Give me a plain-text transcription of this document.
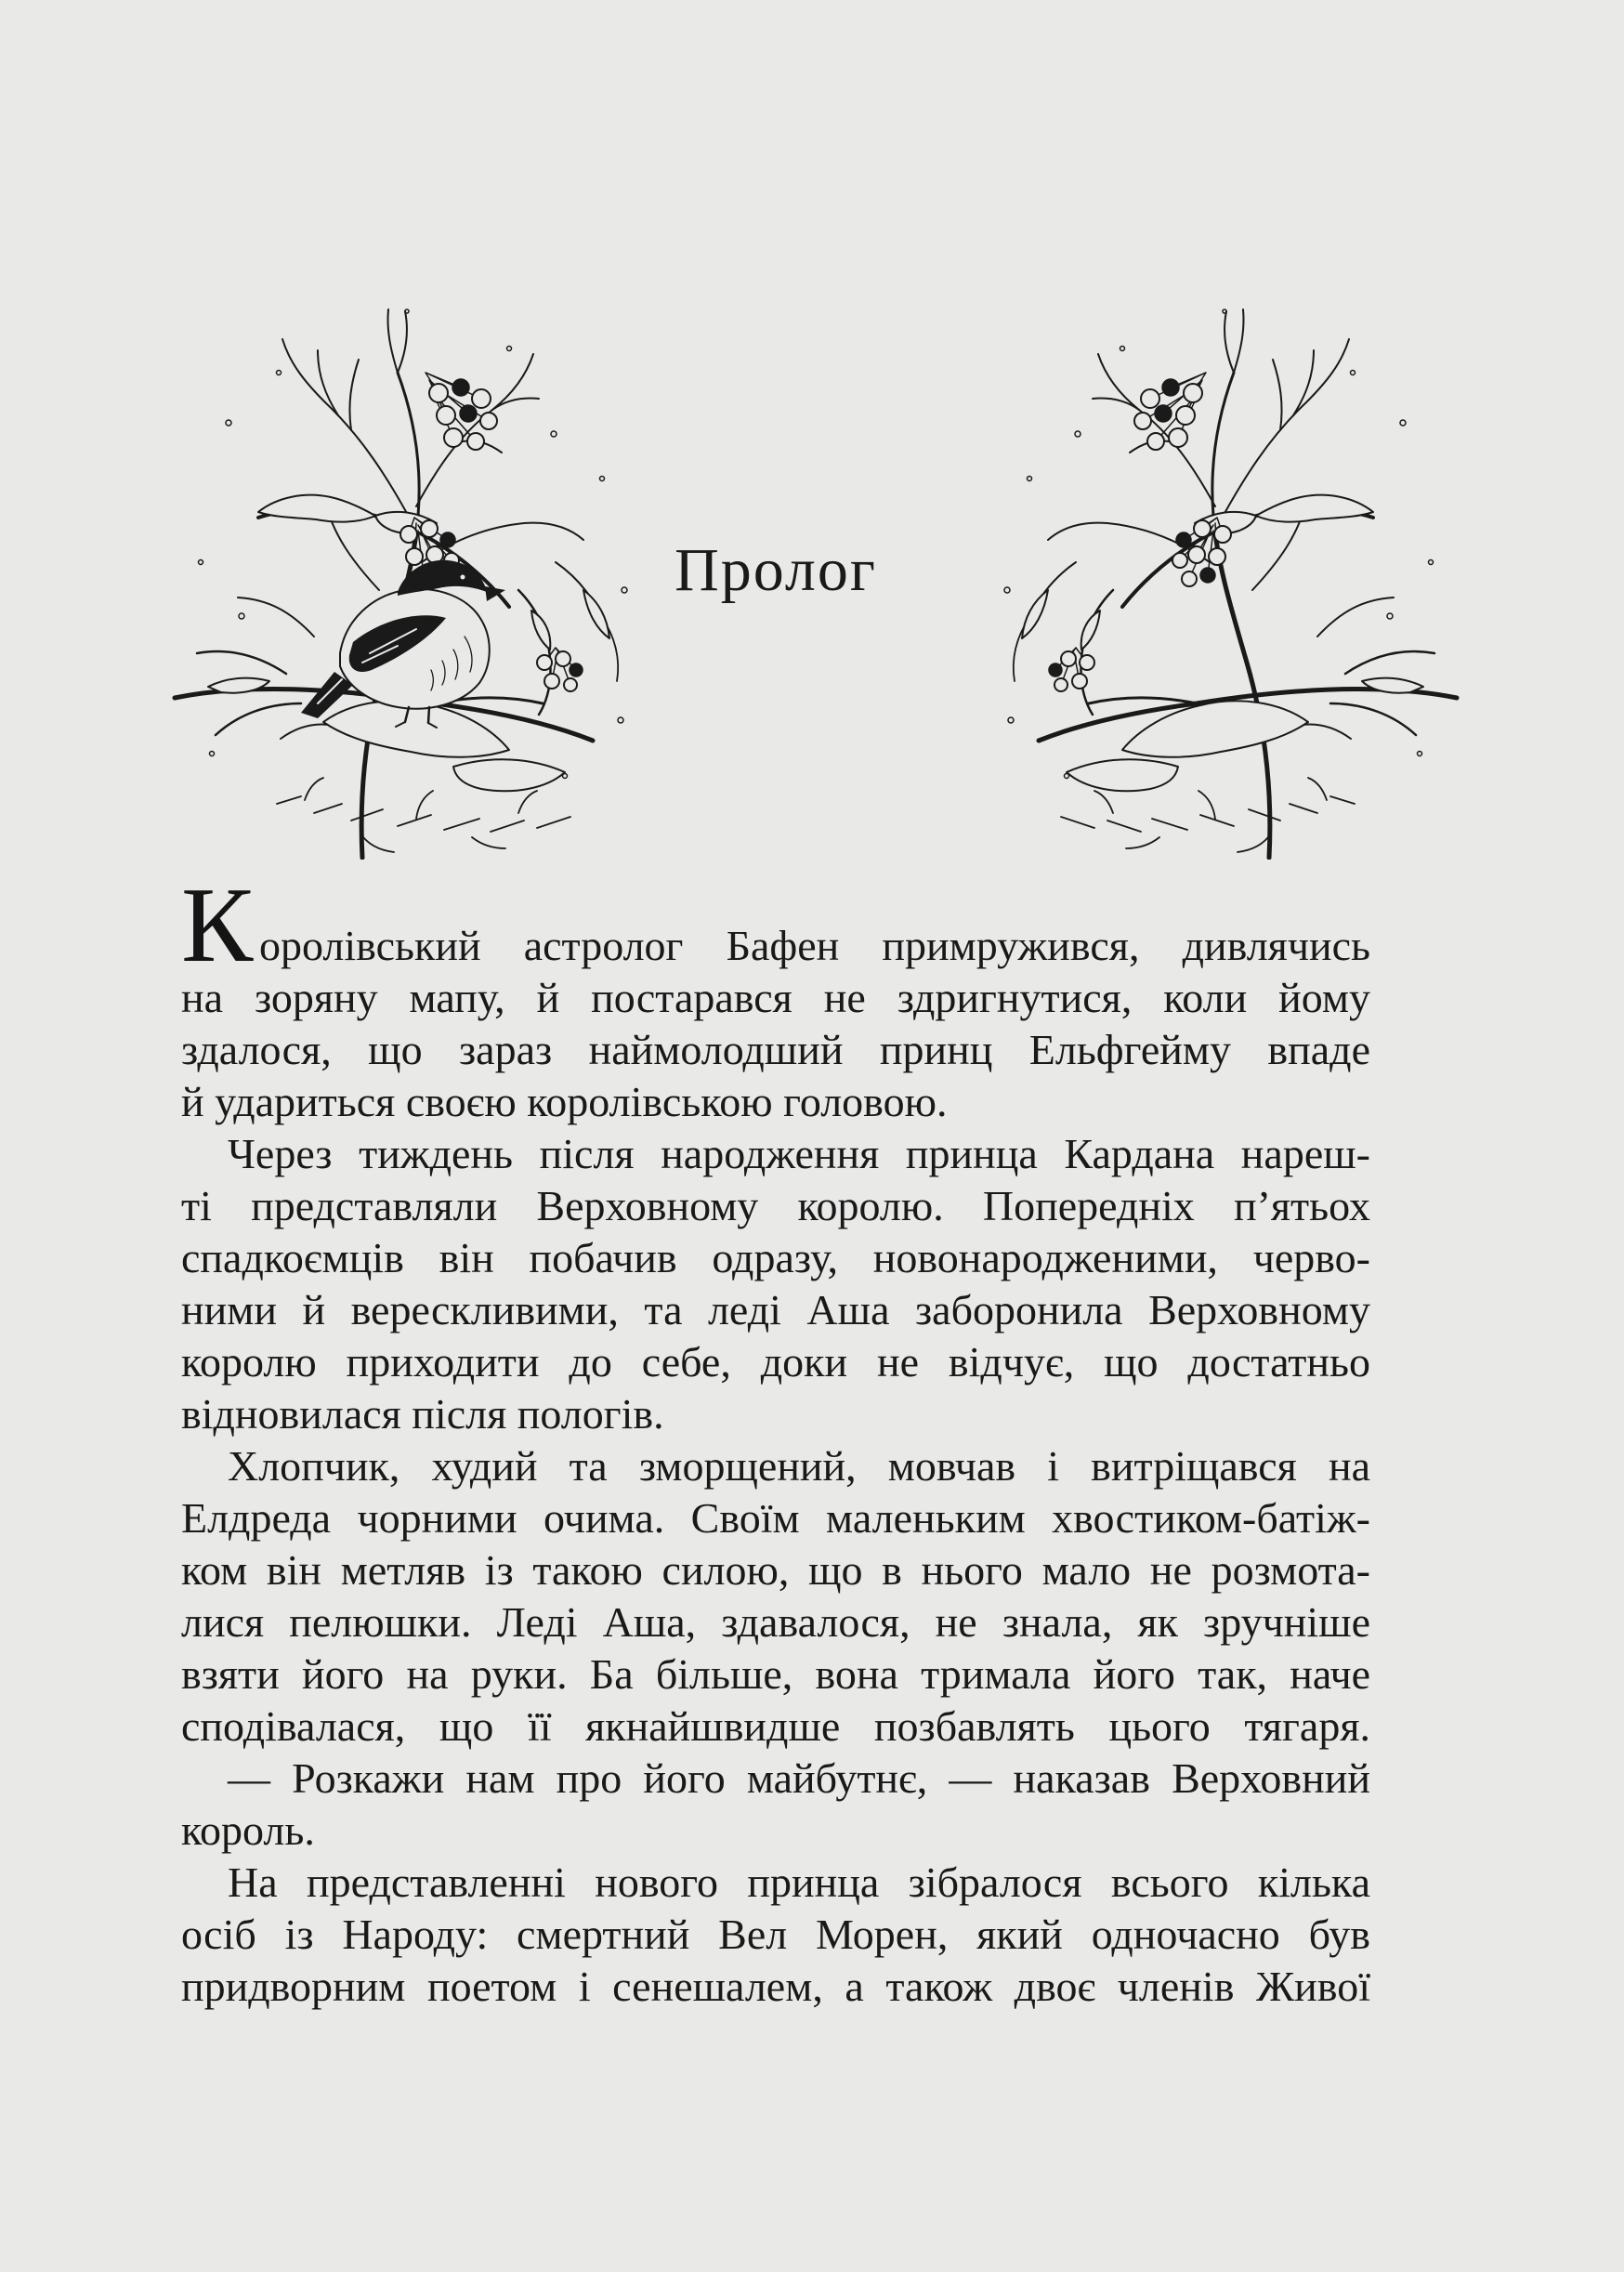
Пролог
К оролівський астролог Бафен примружився, дивлячись
на зоряну мапу, й постарався не здригнутися, коли йому
здалося, що зараз наймолодший принц Ельфгейму впаде
й удариться своєю королівською головою.
Через тиждень після народження принца Кардана нареш-
ті представляли Верховному королю. Попередніх п’ятьох
спадкоємців він побачив одразу, новонародженими, черво-
ними й верескливими, та леді Аша заборонила Верховному
королю приходити до себе, доки не відчує, що достатньо
відновилася після пологів.
Хлопчик, худий та зморщений, мовчав і витріщався на
Елдреда чорними очима. Своїм маленьким хвостиком-батіж-
ком він метляв із такою силою, що в нього мало не розмота-
лися пелюшки. Леді Аша, здавалося, не знала, як зручніше
взяти його на руки. Ба більше, вона тримала його так, наче
сподівалася, що її якнайшвидше позбавлять цього тягаря.
— Розкажи нам про його майбутнє, — наказав Верховний
король.
На представленні нового принца зібралося всього кілька
осіб із Народу: смертний Вел Морен, який одночасно був
придворним поетом і сенешалем, а також двоє членів Живої
